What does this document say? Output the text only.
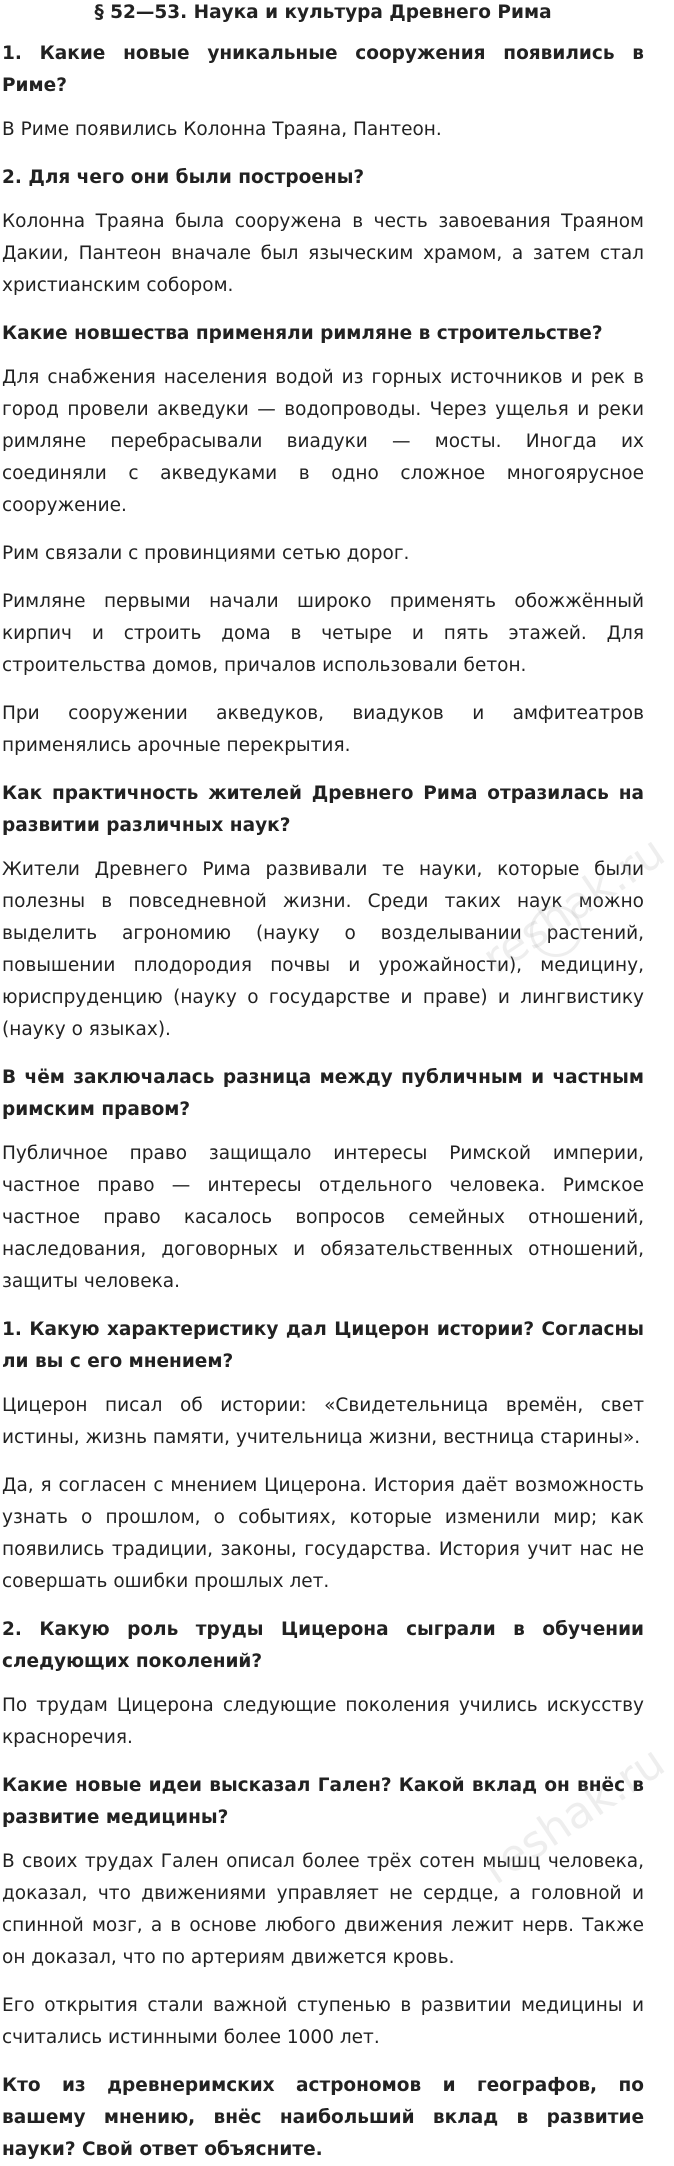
§ 52—53. Наука и культура Древнего Рима
1. Какие новые уникальные сооружения появились в Риме?
В Риме появились Колонна Траяна, Пантеон.
2. Для чего они были построены?
Колонна Траяна была сооружена в честь завоевания Траяном Дакии, Пантеон вначале был языческим храмом, а затем стал христианским собором.
Какие новшества применяли римляне в строительстве?
Для снабжения населения водой из горных источников и рек в город провели акведуки — водопроводы. Через ущелья и реки римляне перебрасывали виадуки — мосты. Иногда их соединяли с акведуками в одно сложное многоярусное сооружение.
Рим связали с провинциями сетью дорог.
Римляне первыми начали широко применять обожжённый кирпич и строить дома в четыре и пять этажей. Для строительства домов, причалов использовали бетон.
При сооружении акведуков, виадуков и амфитеатров применялись арочные перекрытия.
Как практичность жителей Древнего Рима отразилась на развитии различных наук?
Жители Древнего Рима развивали те науки, которые были полезны в повседневной жизни. Среди таких наук можно выделить агрономию (науку о возделывании растений, повышении плодородия почвы и урожайности), медицину, юриспруденцию (науку о государстве и праве) и лингвистику (науку о языках).
В чём заключалась разница между публичным и частным римским правом?
Публичное право защищало интересы Римской империи, частное право — интересы отдельного человека. Римское частное право касалось вопросов семейных отношений, наследования, договорных и обязательственных отношений, защиты человека.
1. Какую характеристику дал Цицерон истории? Согласны ли вы с его мнением?
Цицерон писал об истории: «Свидетельница времён, свет истины, жизнь памяти, учительница жизни, вестница старины».
Да, я согласен с мнением Цицерона. История даёт возможность узнать о прошлом, о событиях, которые изменили мир; как появились традиции, законы, государства. История учит нас не совершать ошибки прошлых лет.
2. Какую роль труды Цицерона сыграли в обучении следующих поколений?
По трудам Цицерона следующие поколения учились искусству красноречия.
Какие новые идеи высказал Гален? Какой вклад он внёс в развитие медицины?
В своих трудах Гален описал более трёх сотен мышц человека, доказал, что движениями управляет не сердце, а головной и спинной мозг, а в основе любого движения лежит нерв. Также он доказал, что по артериям движется кровь.
Его открытия стали важной ступенью в развитии медицины и считались истинными более 1000 лет.
Кто из древнеримских астрономов и географов, по вашему мнению, внёс наибольший вклад в развитие науки? Свой ответ объясните.
reshak.ru
reshak.ru
